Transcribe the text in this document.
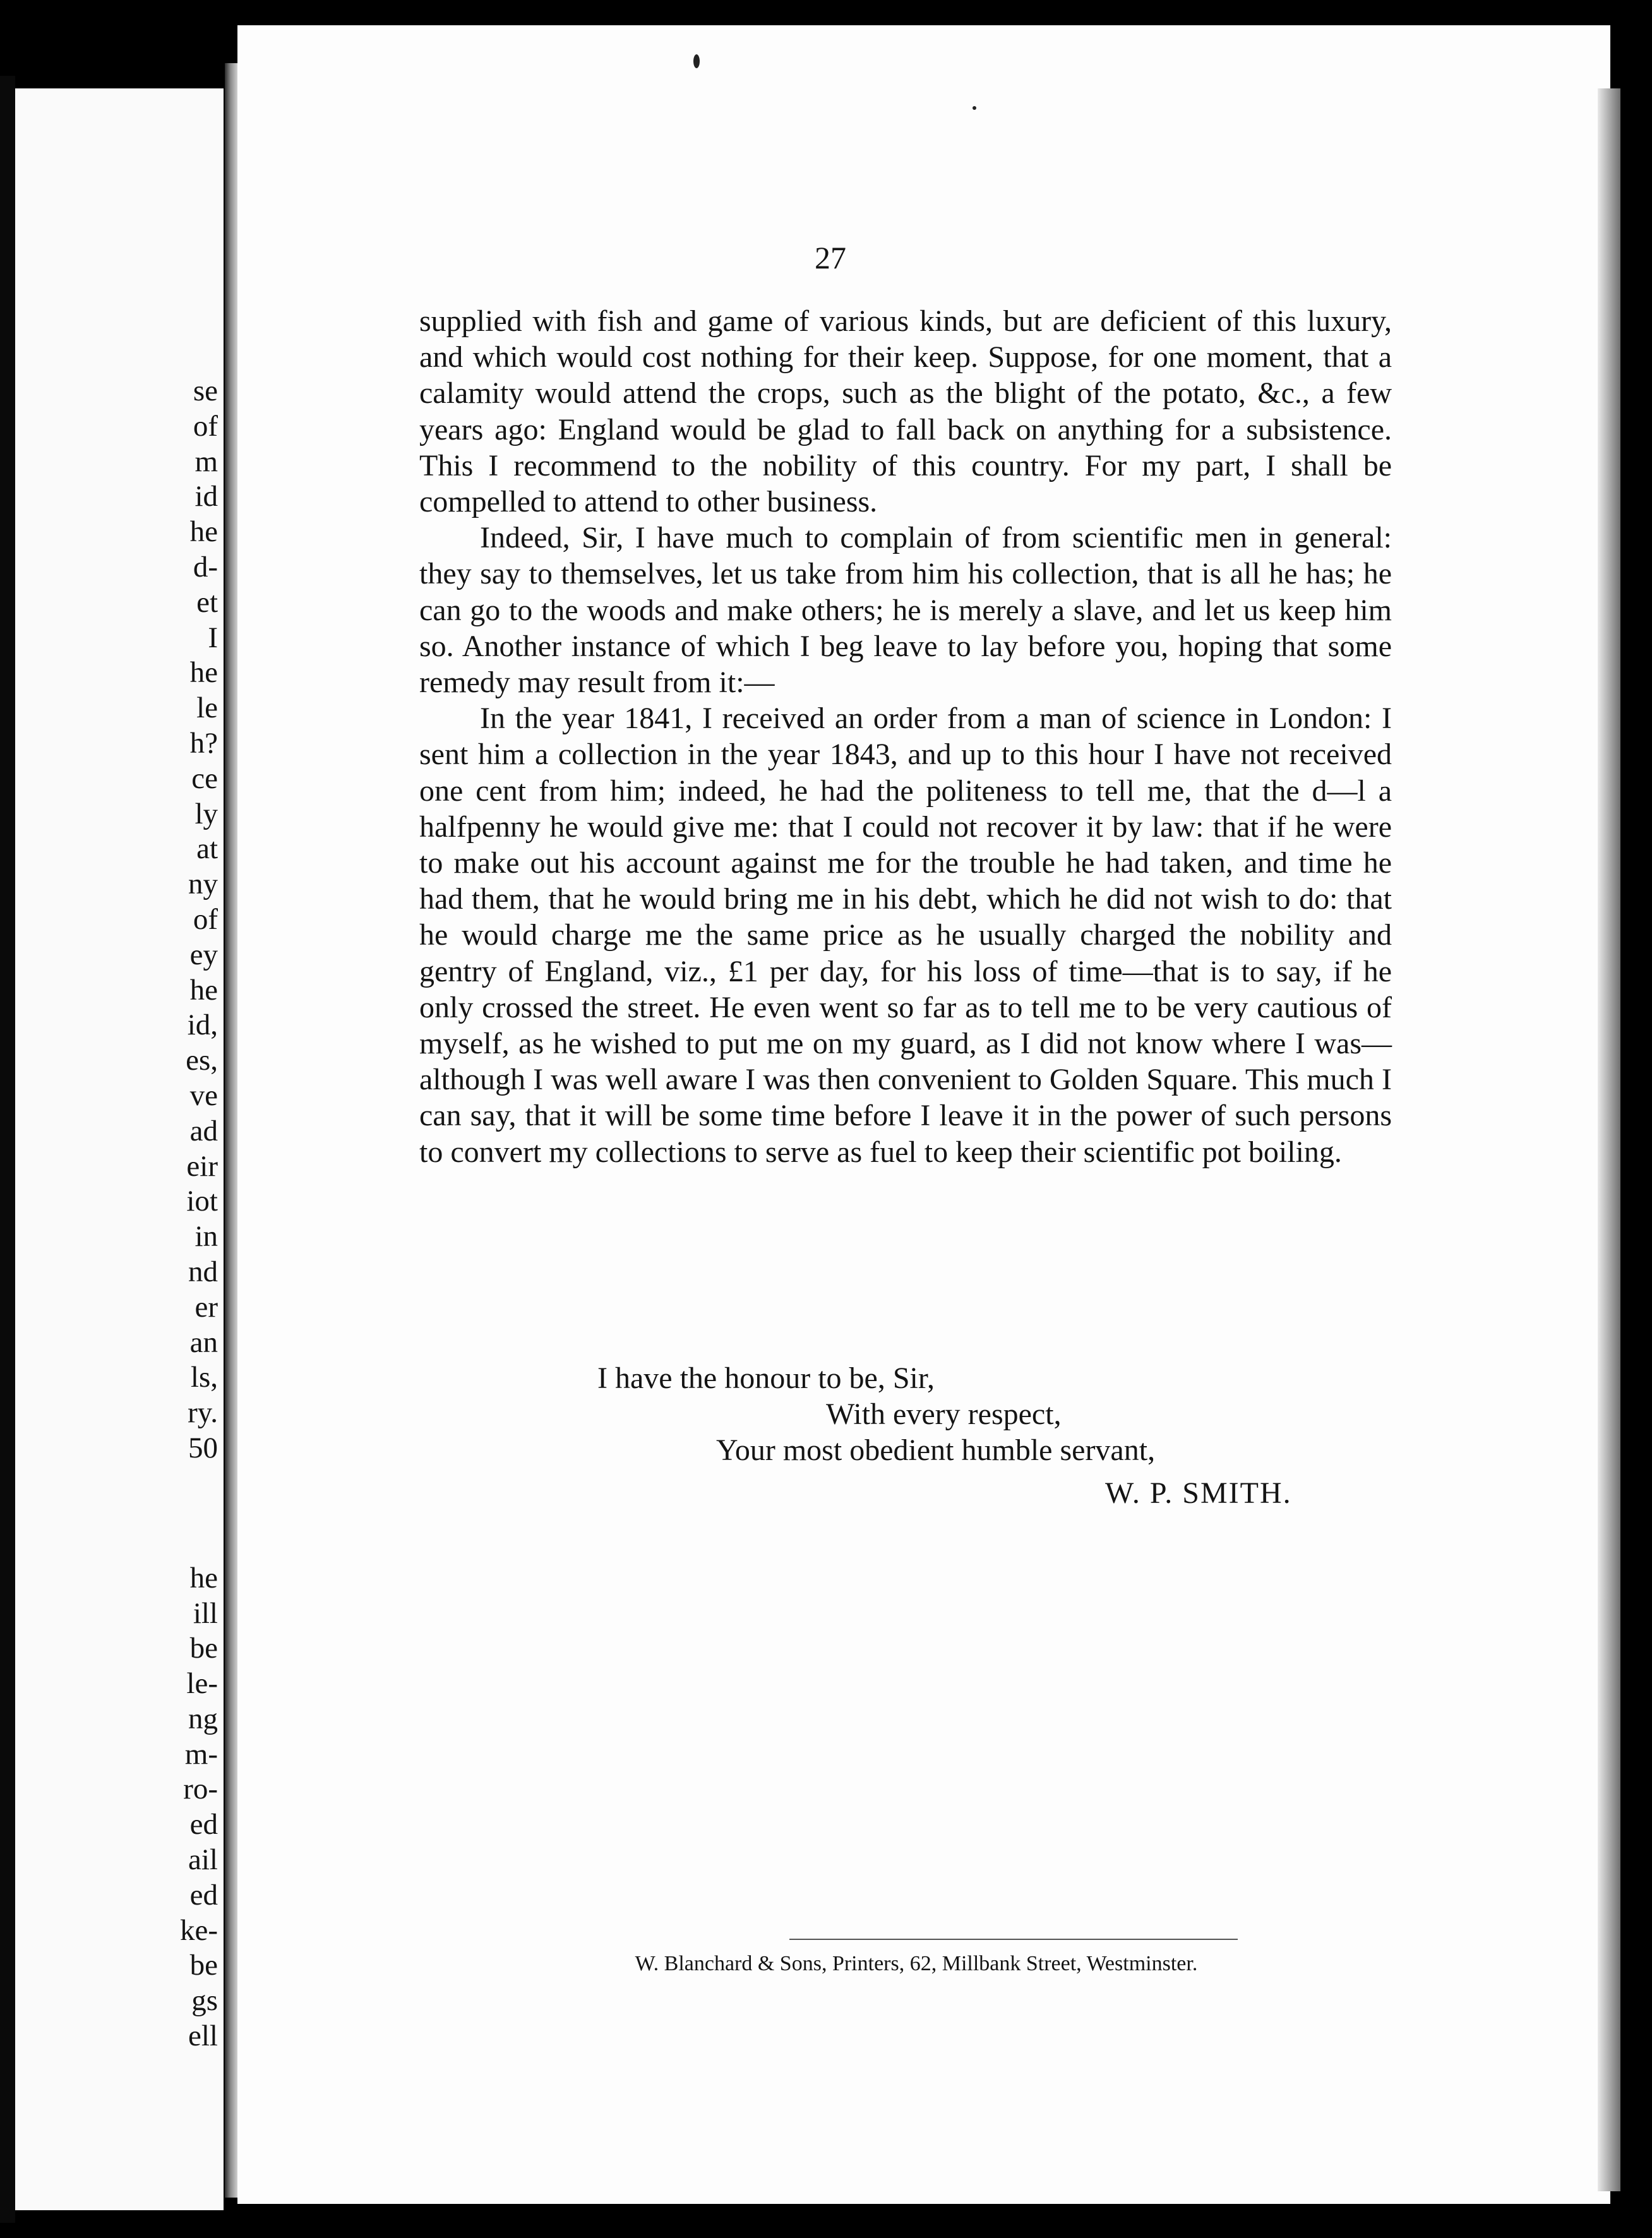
se
of
m
id
he
d-
et
I
he
le
h?
ce
ly
at
ny
of
ey
he
id,
es,
ve
ad
eir
iot
in
nd
er
an
ls,
ry.
50
he
ill
be
le-
ng
m-
ro-
ed
ail
ed
ke-
be
gs
ell
27

supplied with fish and game of various kinds, but are deficient of this luxury, and which would cost nothing for their keep. Suppose, for one moment, that a calamity would attend the crops, such as the blight of the potato, &c., a few years ago: England would be glad to fall back on anything for a subsistence. This I recommend to the nobility of this country. For my part, I shall be compelled to attend to other business.

Indeed, Sir, I have much to complain of from scientific men in general: they say to themselves, let us take from him his collection, that is all he has; he can go to the woods and make others; he is merely a slave, and let us keep him so. Another instance of which I beg leave to lay before you, hoping that some remedy may result from it:—

In the year 1841, I received an order from a man of science in London: I sent him a collection in the year 1843, and up to this hour I have not received one cent from him; indeed, he had the politeness to tell me, that the d—l a halfpenny he would give me: that I could not recover it by law: that if he were to make out his account against me for the trouble he had taken, and time he had them, that he would bring me in his debt, which he did not wish to do: that he would charge me the same price as he usually charged the nobility and gentry of England, viz., £1 per day, for his loss of time—that is to say, if he only crossed the street. He even went so far as to tell me to be very cautious of myself, as he wished to put me on my guard, as I did not know where I was—although I was well aware I was then convenient to Golden Square. This much I can say, that it will be some time before I leave it in the power of such persons to convert my collections to serve as fuel to keep their scientific pot boiling.

I have the honour to be, Sir,
With every respect,
Your most obedient humble servant,
W. P. SMITH.
W. Blanchard & Sons, Printers, 62, Millbank Street, Westminster.
